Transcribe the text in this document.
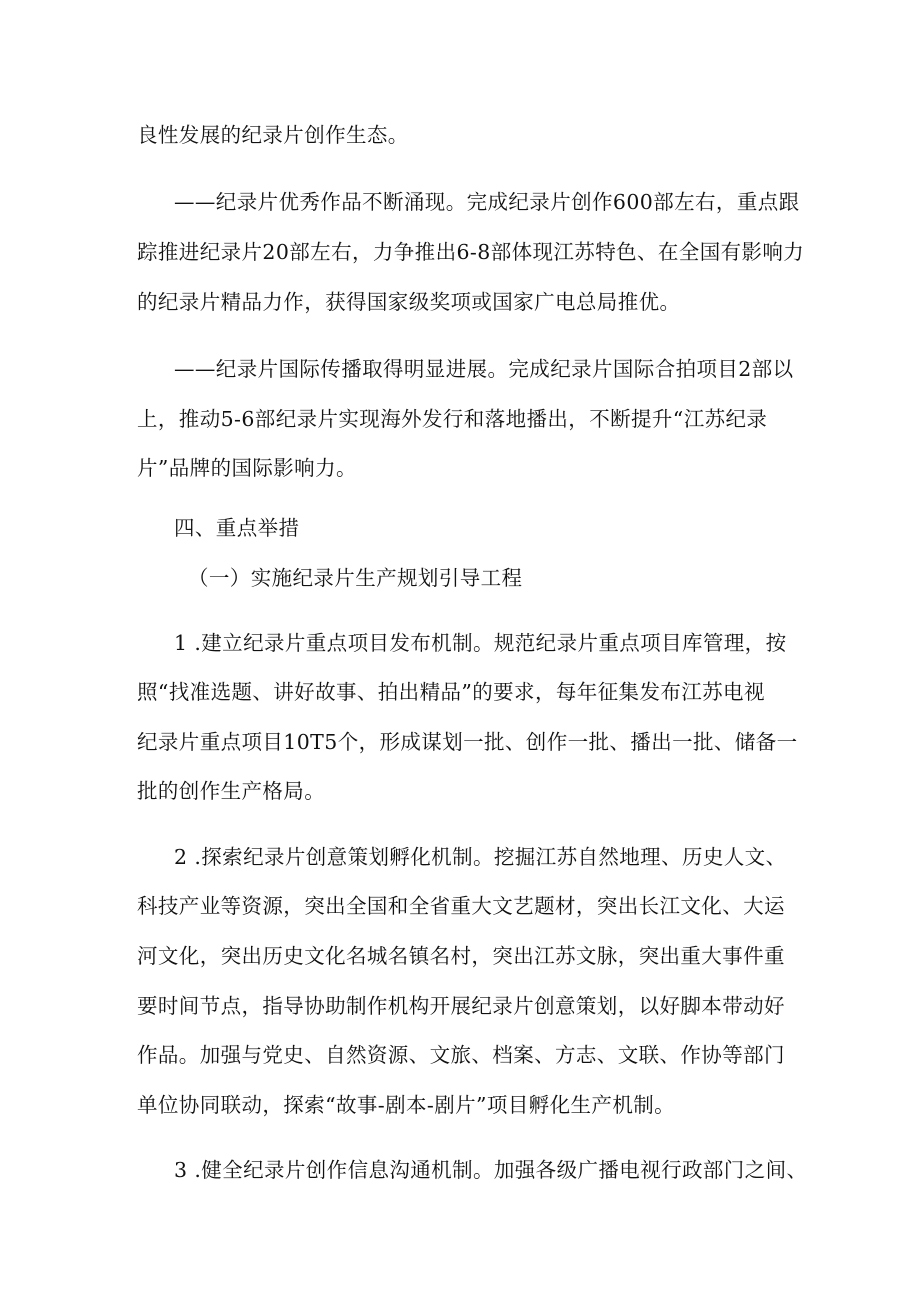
良性发展的纪录片创作生态。
——纪录片优秀作品不断涌现。完成纪录片创作600部左右，重点跟
踪推进纪录片20部左右，力争推出6-8部体现江苏特色、在全国有影响力
的纪录片精品力作，获得国家级奖项或国家广电总局推优。
——纪录片国际传播取得明显进展。完成纪录片国际合拍项目2部以
上，推动5-6部纪录片实现海外发行和落地播出，不断提升“江苏纪录
片”品牌的国际影响力。
四、重点举措
（一）实施纪录片生产规划引导工程
1 .建立纪录片重点项目发布机制。规范纪录片重点项目库管理，按
照“找准选题、讲好故事、拍出精品”的要求，每年征集发布江苏电视
纪录片重点项目10T5个，形成谋划一批、创作一批、播出一批、储备一
批的创作生产格局。
2 .探索纪录片创意策划孵化机制。挖掘江苏自然地理、历史人文、
科技产业等资源，突出全国和全省重大文艺题材，突出长江文化、大运
河文化，突出历史文化名城名镇名村，突出江苏文脉，突出重大事件重
要时间节点，指导协助制作机构开展纪录片创意策划，以好脚本带动好
作品。加强与党史、自然资源、文旅、档案、方志、文联、作协等部门
单位协同联动，探索“故事-剧本-剧片”项目孵化生产机制。
3 .健全纪录片创作信息沟通机制。加强各级广播电视行政部门之间、
